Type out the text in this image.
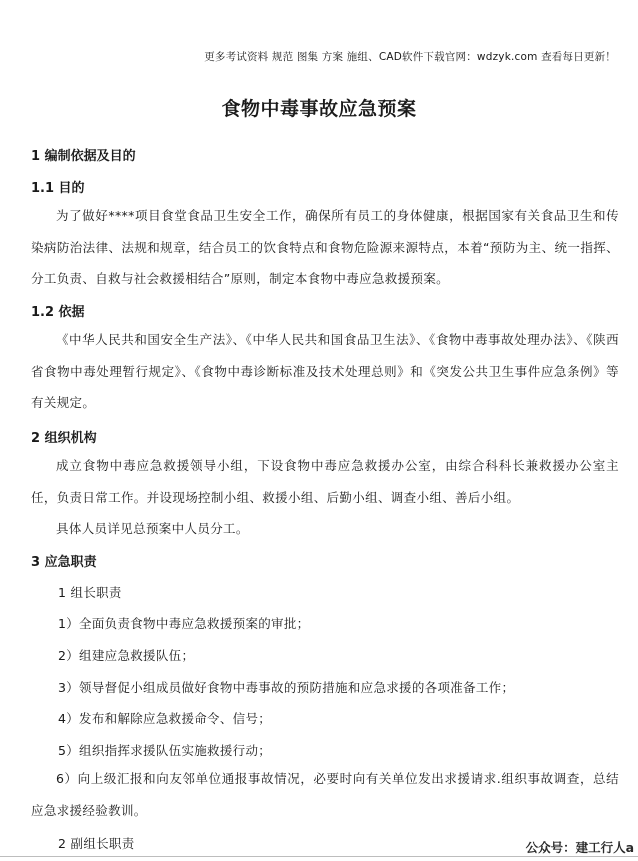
更多考试资料 规范 图集 方案 施组、CAD软件下载官网：wdzyk.com 查看每日更新！
食物中毒事故应急预案
1 编制依据及目的
1.1 目的
为了做好****项目食堂食品卫生安全工作，确保所有员工的身体健康，根据国家有关食品卫生和传染病防治法律、法规和规章，结合员工的饮食特点和食物危险源来源特点，本着“预防为主、统一指挥、分工负责、自救与社会救援相结合”原则，制定本食物中毒应急救援预案。
1.2 依据
《中华人民共和国安全生产法》、《中华人民共和国食品卫生法》、《食物中毒事故处理办法》、《陕西省食物中毒处理暂行规定》、《食物中毒诊断标准及技术处理总则》和《突发公共卫生事件应急条例》等有关规定。
2 组织机构
成立食物中毒应急救援领导小组，下设食物中毒应急救援办公室，由综合科科长兼救援办公室主任，负责日常工作。并设现场控制小组、救援小组、后勤小组、调查小组、善后小组。
具体人员详见总预案中人员分工。
3 应急职责
1 组长职责
1）全面负责食物中毒应急救援预案的审批；
2）组建应急救援队伍；
3）领导督促小组成员做好食物中毒事故的预防措施和应急求援的各项准备工作；
4）发布和解除应急救援命令、信号；
5）组织指挥求援队伍实施救援行动；
6）向上级汇报和向友邻单位通报事故情况，必要时向有关单位发出求援请求.组织事故调查，总结应急求援经验教训。
2 副组长职责	公众号：建工行人a
